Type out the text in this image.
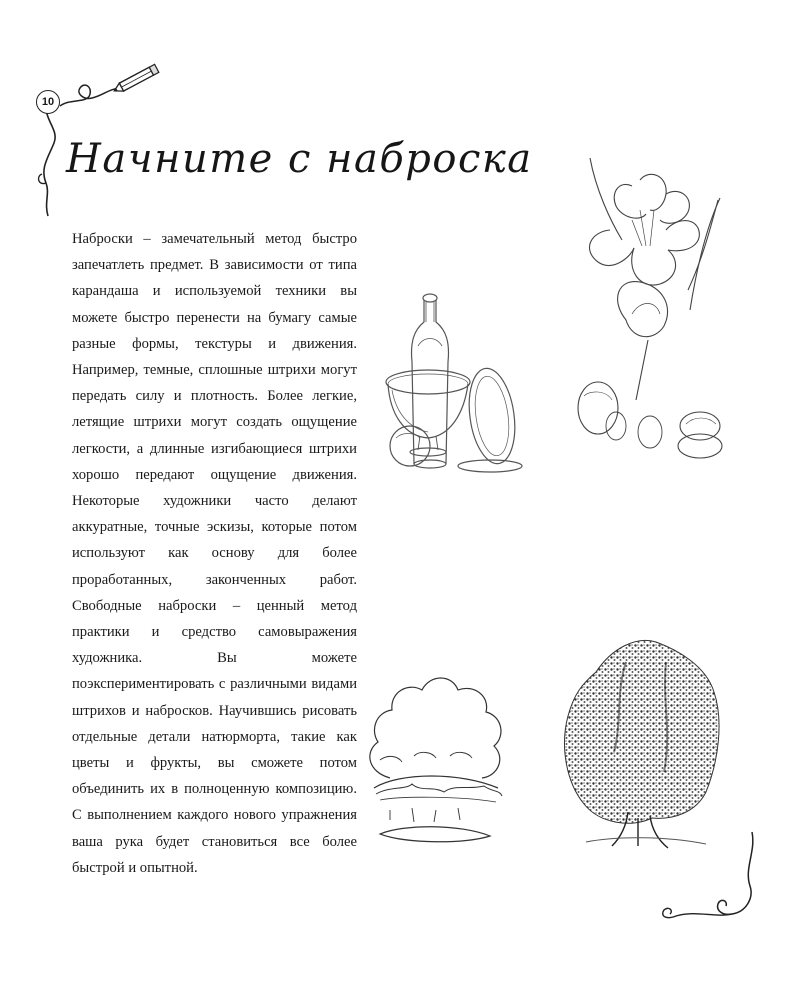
10
Начните с наброска

Наброски – замечательный метод быстро запечатлеть предмет. В зависимости от типа карандаша и используемой техники вы можете быстро перенести на бумагу самые разные формы, текстуры и движения. Например, темные, сплошные штрихи могут передать силу и плотность. Более легкие, летящие штрихи могут создать ощущение легкости, а длинные изгибающиеся штрихи хорошо передают ощущение движения. Некоторые художники часто делают аккуратные, точные эскизы, которые потом используют как основу для более проработанных, законченных работ. Свободные наброски – ценный метод практики и средство самовыражения художника. Вы можете поэкспериментировать с различными видами штрихов и набросков. Научившись рисовать отдельные детали натюрморта, такие как цветы и фрукты, вы сможете потом объединить их в полноценную композицию. С выполнением каждого нового упражнения ваша рука будет становиться все более быстрой и опытной.
